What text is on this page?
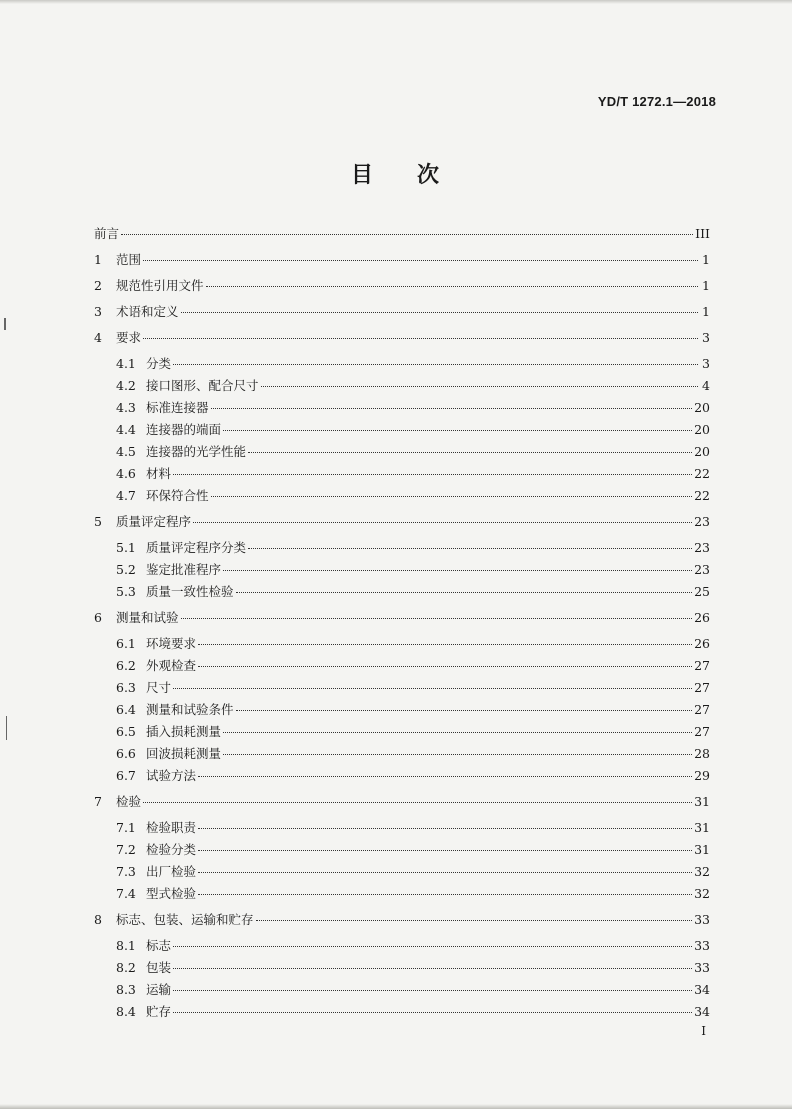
YD/T 1272.1—2018
目 次
前言	III
1	范围	1
2	规范性引用文件	1
3	术语和定义	1
4	要求	3
4.1 分类	3
4.2 接口图形、配合尺寸	4
4.3 标准连接器	20
4.4 连接器的端面	20
4.5 连接器的光学性能	20
4.6 材料	22
4.7 环保符合性	22
5	质量评定程序	23
5.1 质量评定程序分类	23
5.2 鉴定批准程序	23
5.3 质量一致性检验	25
6	测量和试验	26
6.1 环境要求	26
6.2 外观检查	27
6.3 尺寸	27
6.4 测量和试验条件	27
6.5 插入损耗测量	27
6.6 回波损耗测量	28
6.7 试验方法	29
7	检验	31
7.1 检验职责	31
7.2 检验分类	31
7.3 出厂检验	32
7.4 型式检验	32
8	标志、包装、运输和贮存	33
8.1 标志	33
8.2 包装	33
8.3 运输	34
8.4 贮存	34
I
